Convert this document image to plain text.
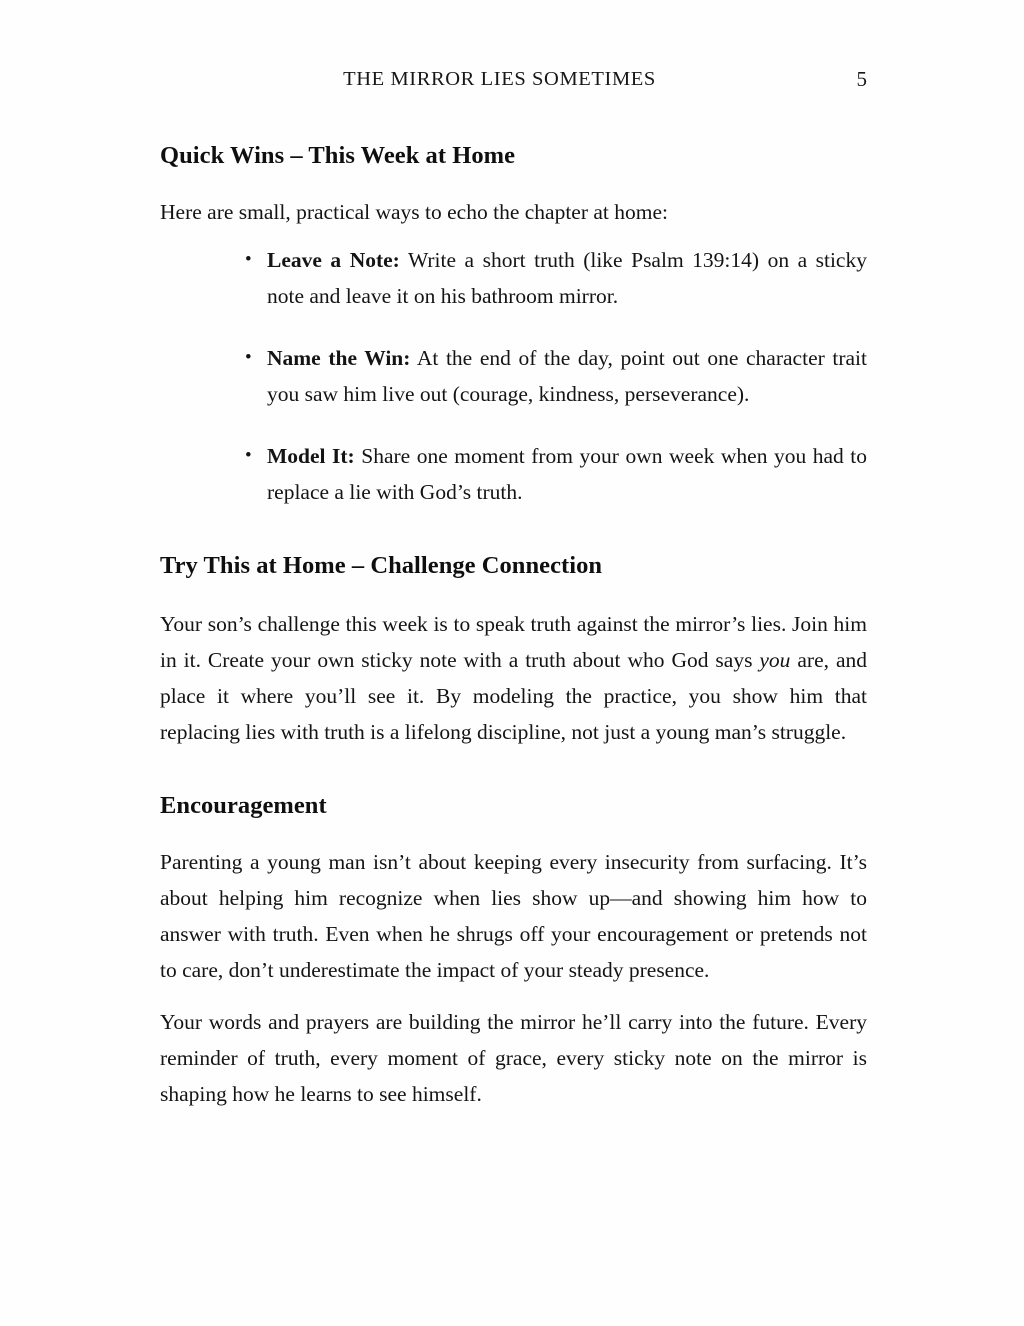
THE MIRROR LIES SOMETIMES	5
Quick Wins – This Week at Home

Here are small, practical ways to echo the chapter at home:

• Leave a Note: Write a short truth (like Psalm 139:14) on a sticky note and leave it on his bathroom mirror.
• Name the Win: At the end of the day, point out one character trait you saw him live out (courage, kindness, perseverance).
• Model It: Share one moment from your own week when you had to replace a lie with God’s truth.
Try This at Home – Challenge Connection

Your son’s challenge this week is to speak truth against the mirror’s lies. Join him in it. Create your own sticky note with a truth about who God says you are, and place it where you’ll see it. By modeling the practice, you show him that replacing lies with truth is a lifelong discipline, not just a young man’s struggle.

Encouragement

Parenting a young man isn’t about keeping every insecurity from surfacing. It’s about helping him recognize when lies show up—and showing him how to answer with truth. Even when he shrugs off your encouragement or pretends not to care, don’t underestimate the impact of your steady presence.

Your words and prayers are building the mirror he’ll carry into the future. Every reminder of truth, every moment of grace, every sticky note on the mirror is shaping how he learns to see himself.
